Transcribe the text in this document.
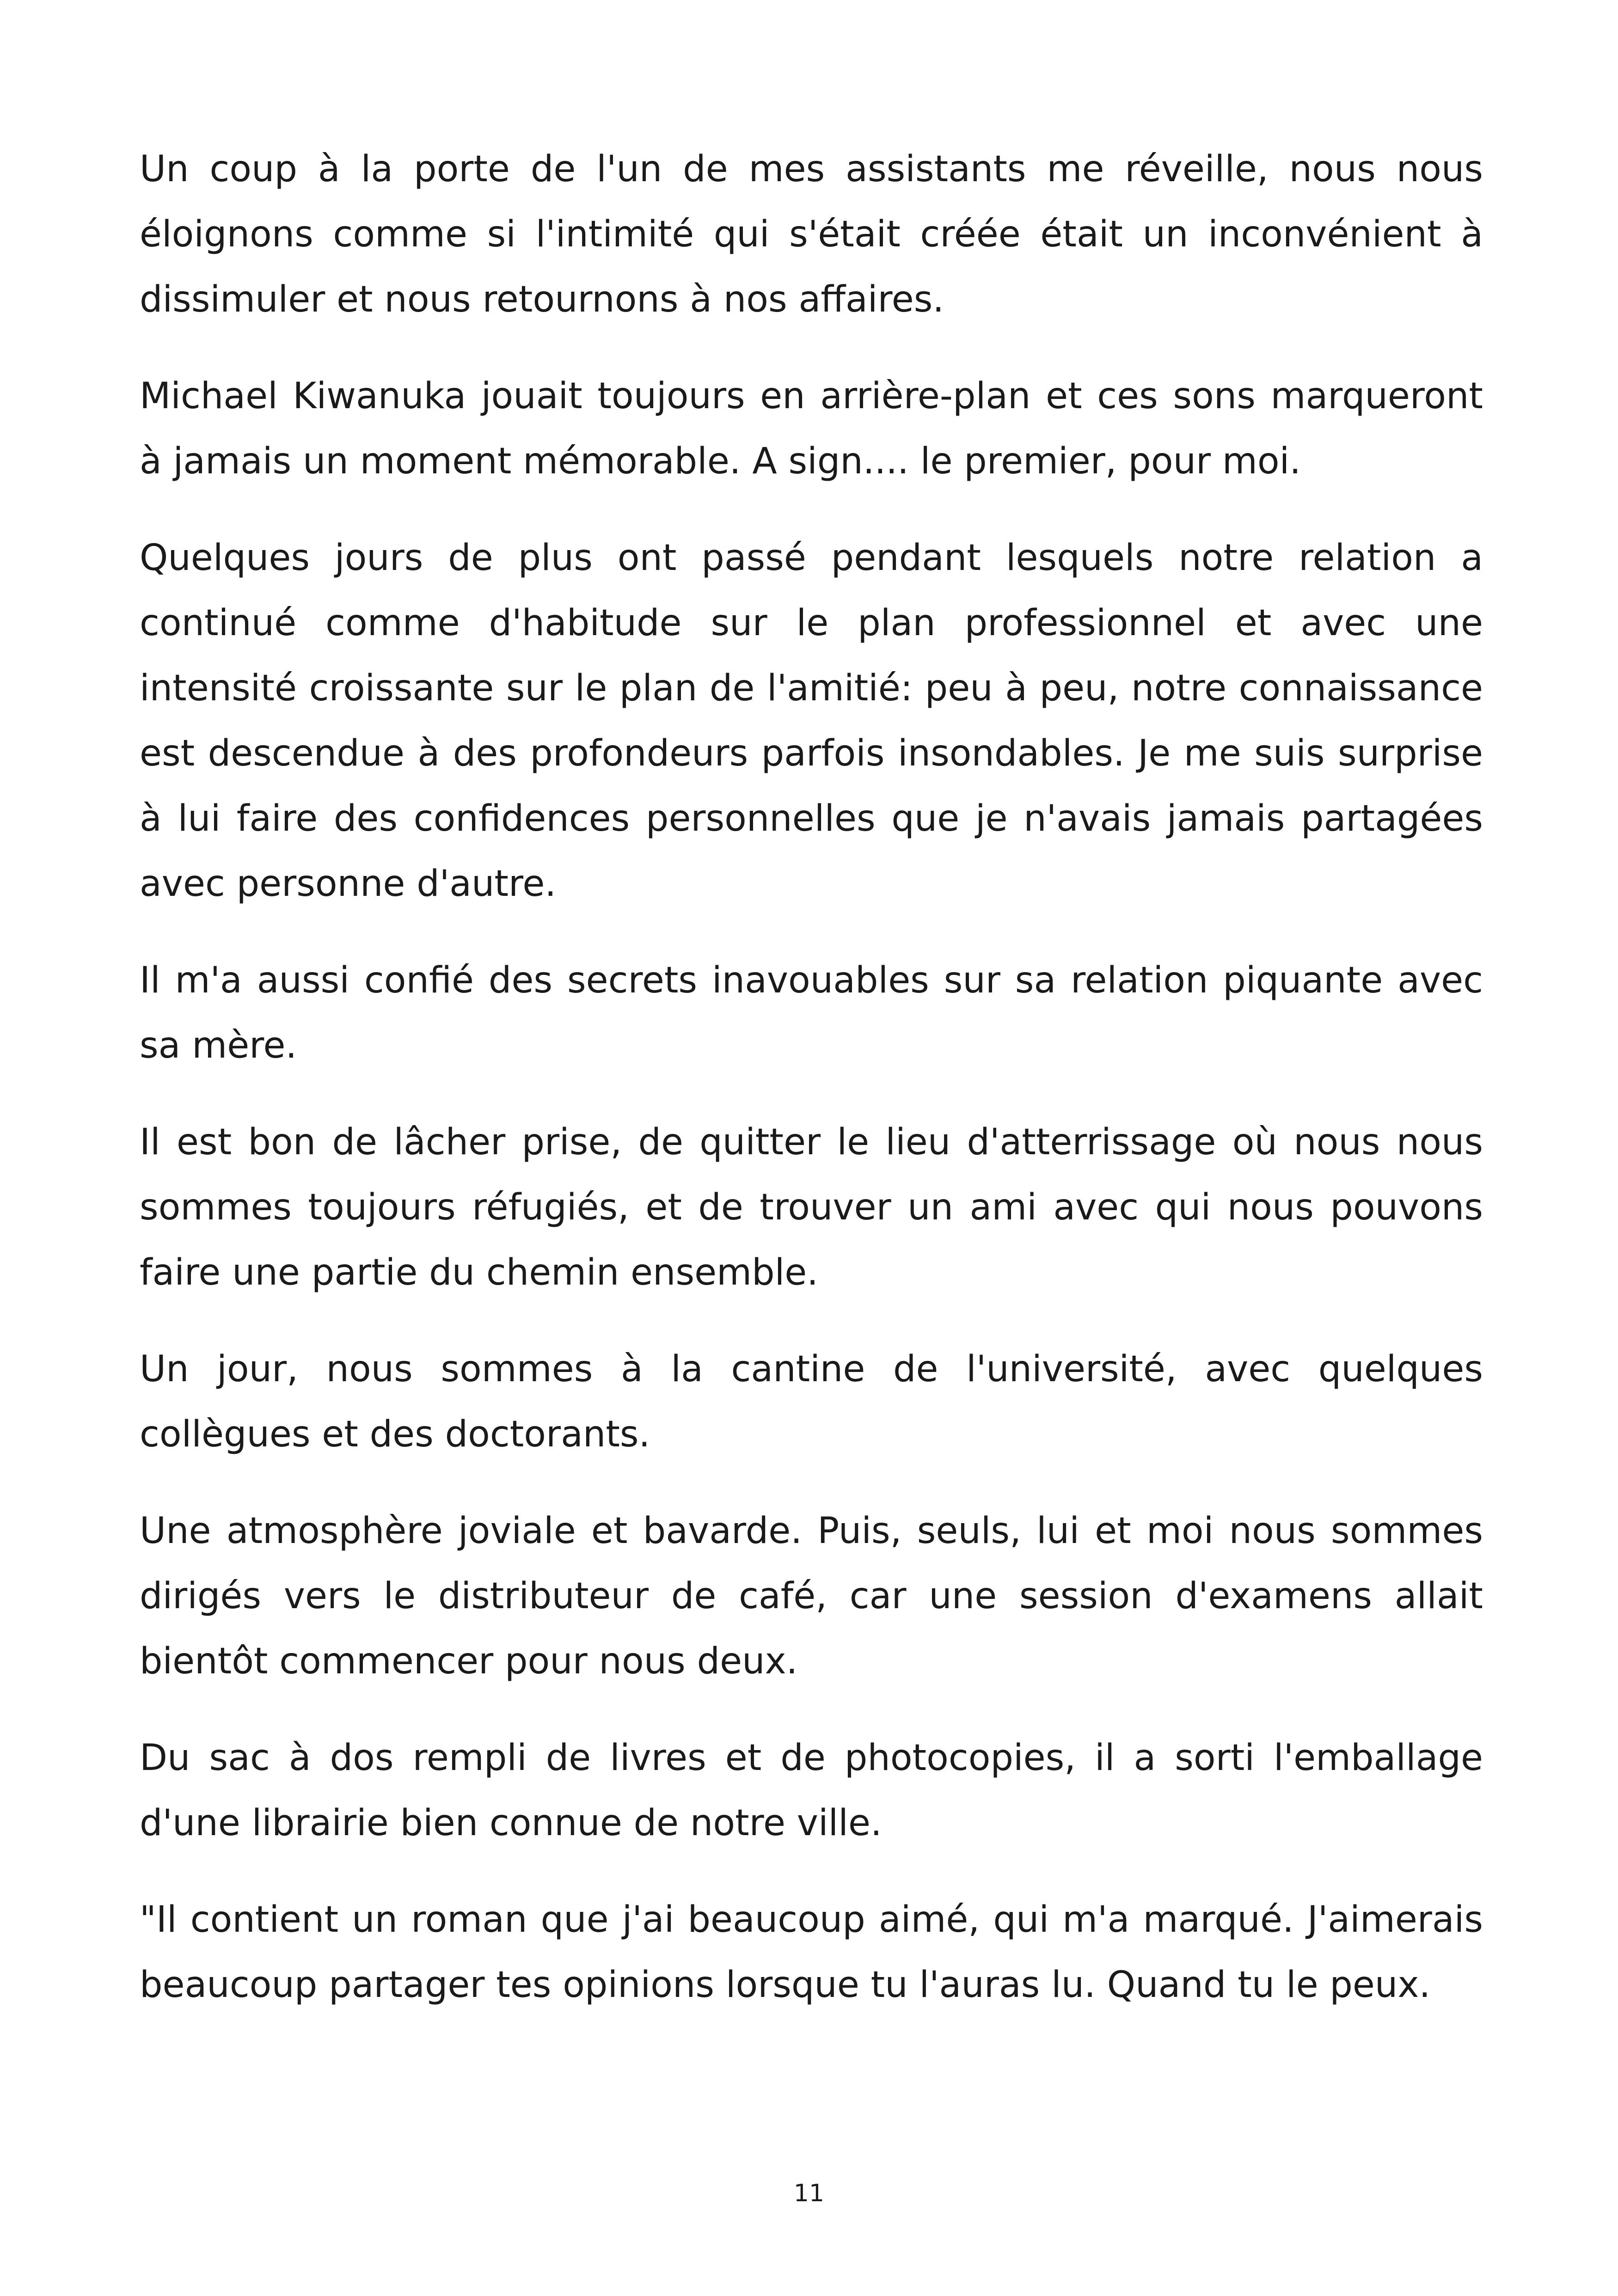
Un coup à la porte de l'un de mes assistants me réveille, nous nous éloignons comme si l'intimité qui s'était créée était un inconvénient à dissimuler et nous retournons à nos affaires.

Michael Kiwanuka jouait toujours en arrière-plan et ces sons marqueront à jamais un moment mémorable. A sign.... le premier, pour moi.

Quelques jours de plus ont passé pendant lesquels notre relation a continué comme d'habitude sur le plan professionnel et avec une intensité croissante sur le plan de l'amitié: peu à peu, notre connaissance est descendue à des profondeurs parfois insondables. Je me suis surprise à lui faire des confidences personnelles que je n'avais jamais partagées avec personne d'autre.

Il m'a aussi confié des secrets inavouables sur sa relation piquante avec sa mère.

Il est bon de lâcher prise, de quitter le lieu d'atterrissage où nous nous sommes toujours réfugiés, et de trouver un ami avec qui nous pouvons faire une partie du chemin ensemble.

Un jour, nous sommes à la cantine de l'université, avec quelques collègues et des doctorants.

Une atmosphère joviale et bavarde. Puis, seuls, lui et moi nous sommes dirigés vers le distributeur de café, car une session d'examens allait bientôt commencer pour nous deux.

Du sac à dos rempli de livres et de photocopies, il a sorti l'emballage d'une librairie bien connue de notre ville.

"Il contient un roman que j'ai beaucoup aimé, qui m'a marqué. J'aimerais beaucoup partager tes opinions lorsque tu l'auras lu. Quand tu le peux.

11
